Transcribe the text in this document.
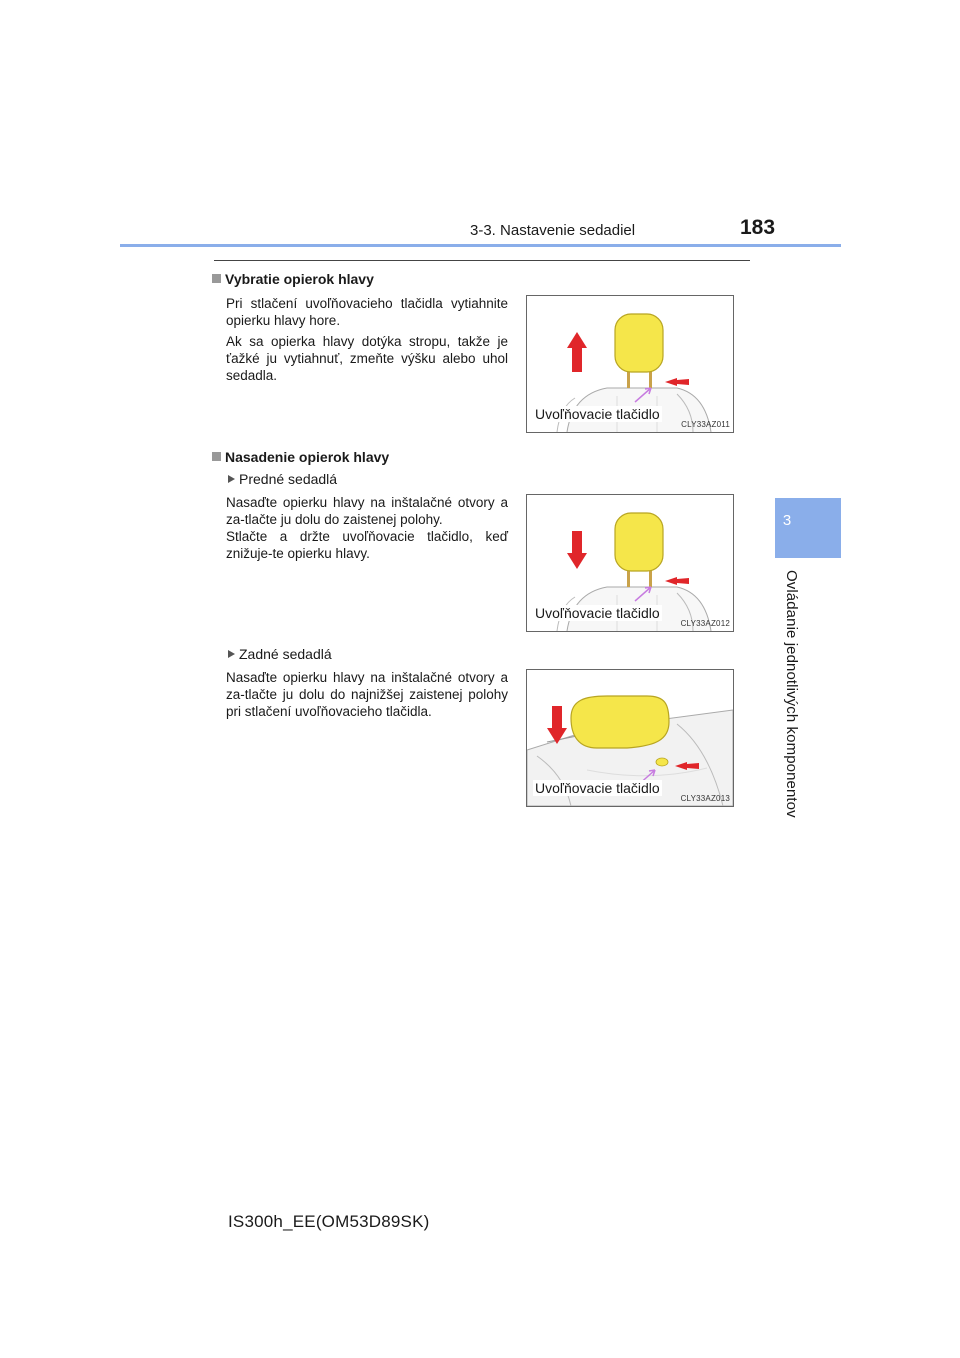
3-3. Nastavenie sedadiel	183
3
Ovládanie jednotlivých komponentov
Vybratie opierok hlavy

Pri stlačení uvoľňovacieho tlačidla vytiahnite opierku hlavy hore.

Ak sa opierka hlavy dotýka stropu, takže je ťažké ju vytiahnuť, zmeňte výšku alebo uhol sedadla.

Uvoľňovacie tlačidlo
CLY33AZ011
Nasadenie opierok hlavy
Predné sedadlá

Nasaďte opierku hlavy na inštalačné otvory a za-tlačte ju dolu do zaistenej polohy.

Stlačte a držte uvoľňovacie tlačidlo, keď znižuje-te opierku hlavy.

Uvoľňovacie tlačidlo
CLY33AZ012
Zadné sedadlá

Nasaďte opierku hlavy na inštalačné otvory a za-tlačte ju dolu do najnižšej zaistenej polohy pri stlačení uvoľňovacieho tlačidla.

Uvoľňovacie tlačidlo
CLY33AZ013
IS300h_EE(OM53D89SK)
